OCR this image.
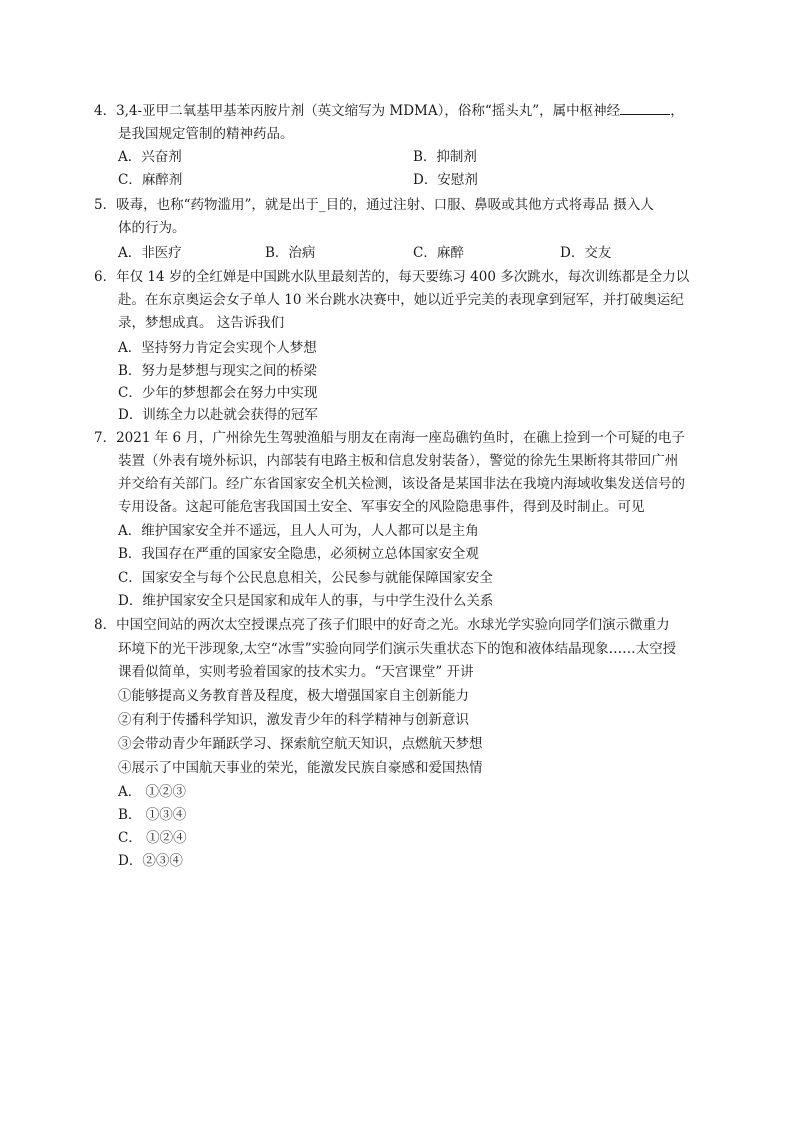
4．3,4-亚甲二氧基甲基苯丙胺片剂（英文缩写为 MDMA），俗称“摇头丸”，属中枢神经	，
是我国规定管制的精神药品。
A．兴奋剂	B．抑制剂
C．麻醉剂	D．安慰剂
5．吸毒，也称“药物滥用”，就是出于_目的，通过注射、口服、鼻吸或其他方式将毒品 摄入人
体的行为。
A．非医疗	B．治病	C．麻醉	D．交友
6．年仅 14 岁的全红婵是中国跳水队里最刻苦的，每天要练习 400 多次跳水，每次训练都是全力以
赴。在东京奥运会女子单人 10 米台跳水决赛中，她以近乎完美的表现拿到冠军，并打破奥运纪
录，梦想成真。 这告诉我们
A．坚持努力肯定会实现个人梦想
B．努力是梦想与现实之间的桥梁
C．少年的梦想都会在努力中实现
D．训练全力以赴就会获得的冠军
7．2021 年 6 月，广州徐先生驾驶渔船与朋友在南海一座岛礁钓鱼时，在礁上捡到一个可疑的电子
装置（外表有境外标识，内部装有电路主板和信息发射装备），警觉的徐先生果断将其带回广州
并交给有关部门。经广东省国家安全机关检测，该设备是某国非法在我境内海域收集发送信号的
专用设备。这起可能危害我国国土安全、军事安全的风险隐患事件，得到及时制止。可见
A．维护国家安全并不遥远，且人人可为，人人都可以是主角
B．我国存在严重的国家安全隐患，必须树立总体国家安全观
C．国家安全与每个公民息息相关，公民参与就能保障国家安全
D．维护国家安全只是国家和成年人的事，与中学生没什么关系
8．中国空间站的两次太空授课点亮了孩子们眼中的好奇之光。水球光学实验向同学们演示微重力
环境下的光干涉现象,太空“冰雪”实验向同学们演示失重状态下的饱和液体结晶现象……太空授
课看似简单，实则考验着国家的技术实力。“天宫课堂” 开讲
①能够提高义务教育普及程度，极大增强国家自主创新能力
②有利于传播科学知识，激发青少年的科学精神与创新意识
③会带动青少年踊跃学习、探索航空航天知识，点燃航天梦想
④展示了中国航天事业的荣光，能激发民族自豪感和爱国热情
A． ①②③
B． ①③④
C． ①②④
D．②③④
